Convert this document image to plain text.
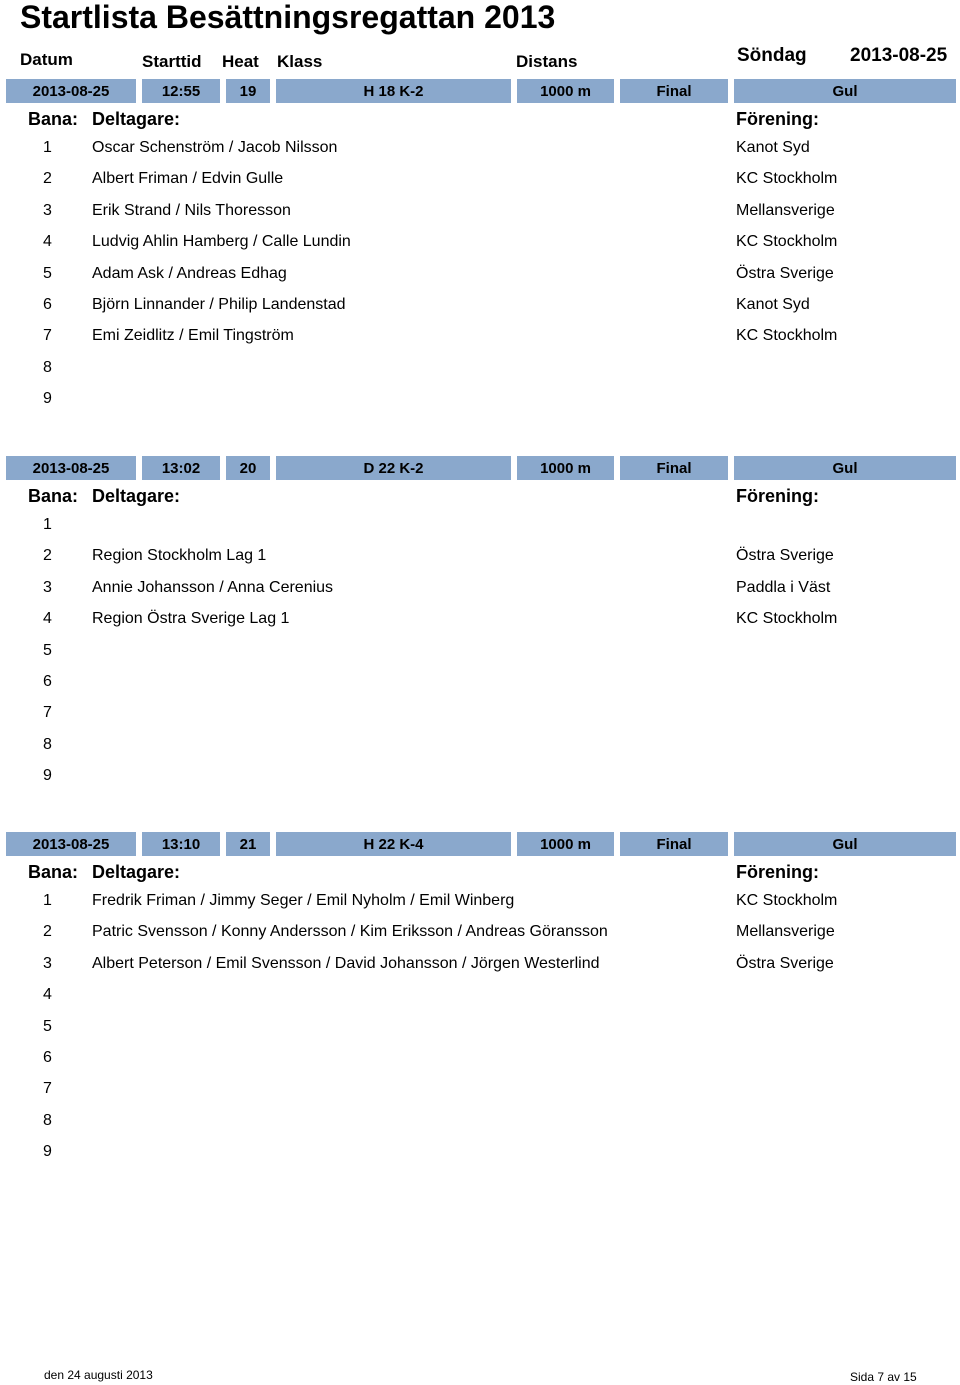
Startlista Besättningsregattan 2013
Datum	Starttid Heat Klass	Distans	Söndag 2013-08-25
2013-08-25	12:55	19	H 18 K-2	1000 m	Final	Gul
Bana: Deltagare:	Förening:
1	Oscar Schenström / Jacob Nilsson	Kanot Syd
2	Albert Friman / Edvin Gulle	KC Stockholm
3	Erik Strand / Nils Thoresson	Mellansverige
4	Ludvig Ahlin Hamberg / Calle Lundin	KC Stockholm
5	Adam Ask / Andreas Edhag	Östra Sverige
6	Björn Linnander / Philip Landenstad	Kanot Syd
7	Emi Zeidlitz / Emil Tingström	KC Stockholm
8
9
2013-08-25	13:02	20	D 22 K-2	1000 m	Final	Gul
Bana: Deltagare:	Förening:
1
2	Region Stockholm Lag 1	Östra Sverige
3	Annie Johansson / Anna Cerenius	Paddla i Väst
4	Region Östra Sverige Lag 1	KC Stockholm
5
6
7
8
9
2013-08-25	13:10	21	H 22 K-4	1000 m	Final	Gul
Bana: Deltagare:	Förening:
1	Fredrik Friman / Jimmy Seger / Emil Nyholm / Emil Winberg	KC Stockholm
2	Patric Svensson / Konny Andersson / Kim Eriksson / Andreas Göransson	Mellansverige
3	Albert Peterson / Emil Svensson / David Johansson / Jörgen Westerlind	Östra Sverige
4
5
6
7
8
9
den 24 augusti 2013	Sida 7 av 15
